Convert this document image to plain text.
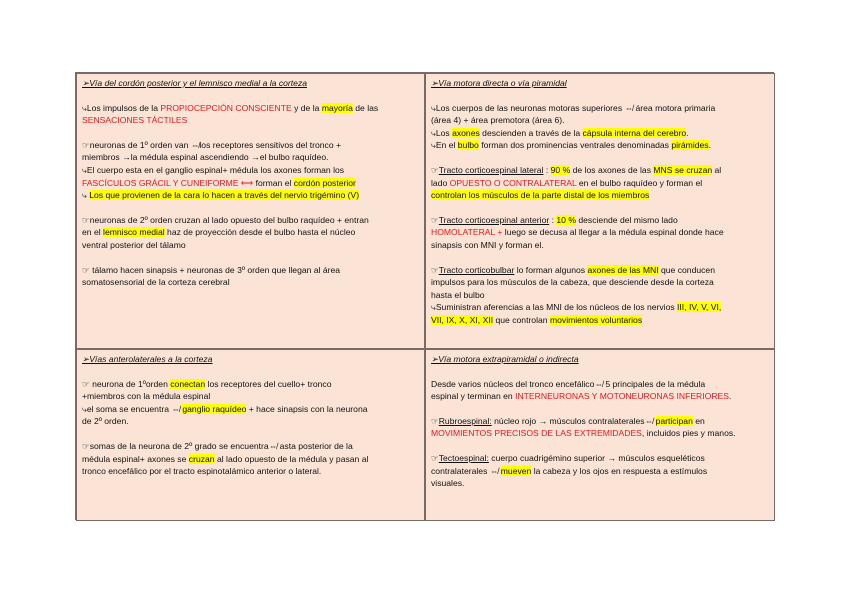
➢Vía del cordón posterior y el lemnisco medial a la corteza
⤷Los impulsos de la PROPIOCEPCIÓN CONSCIENTE y de la mayoría de las
SENSACIONES TÁCTILES
☞neuronas de 1º orden van ⇎los receptores sensitivos del tronco +
miembros →la médula espinal ascendiendo →el bulbo raquídeo.
⤷El cuerpo esta en el ganglio espinal+ médula los axones forman los
FASCÍCULOS GRÁCIL Y CUNEIFORME ⟷ forman el cordón posterior
⤷ Los que provienen de la cara lo hacen a través del nervio trigémino (V)
☞neuronas de 2º orden cruzan al lado opuesto del bulbo raquídeo + entran
en el lemnisco medial haz de proyección desde el bulbo hasta el núcleo
ventral posterior del tálamo
☞ tálamo hacen sinapsis + neuronas de 3º orden que llegan al área
somatosensorial de la corteza cerebral
➢Vía motora directa o vía piramidal
⤷Los cuerpos de las neuronas motoras superiores ⇎ área motora primaria
(área 4) + área premotora (área 6).
⤷Los axones descienden a través de la cápsula interna del cerebro.
⤷En el bulbo forman dos prominencias ventrales denominadas pirámides.
☞Tracto corticoespinal lateral : 90 % de los axones de las MNS se cruzan al
lado OPUESTO O CONTRALATERAL en el bulbo raquídeo y forman el
controlan los músculos de la parte distal de los miembros
☞Tracto corticoespinal anterior : 10 % desciende del mismo lado
HOMOLATERAL + luego se decusa al llegar a la médula espinal donde hace
sinapsis con MNI y forman el.
☞Tracto corticobulbar lo forman algunos axones de las MNI que conducen
impulsos para los músculos de la cabeza, que desciende desde la corteza
hasta el bulbo
⤷Suministran aferencias a las MNI de los núcleos de los nervios III, IV, V, VI,
VII, IX, X, XI, XII que controlan movimientos voluntarios
➢Vías anterolaterales a la corteza
☞ neurona de 1ºorden conectan los receptores del cuello+ tronco
+miembros con la médula espinal
⤷el soma se encuentra ⇎ ganglio raquídeo + hace sinapsis con la neurona
de 2º orden.
☞somas de la neurona de 2º grado se encuentra⇎ asta posterior de la
médula espinal+ axones se cruzan al lado opuesto de la médula y pasan al
tronco encefálico por el tracto espinotalámico anterior o lateral.
➢Vía motora extrapiramidal o indirecta
Desde varios núcleos del tronco encefálico⇎ 5 principales de la médula
espinal y terminan en INTERNEURONAS Y MOTONEURONAS INFERIORES.
☞Rubroespinal: núcleo rojo → músculos contralaterales⇎ participan en
MOVIMIENTOS PRECISOS DE LAS EXTREMIDADES, incluidos pies y manos.
☞Tectoespinal: cuerpo cuadrigémino superior → músculos esqueléticos
contralaterales ⇎ mueven la cabeza y los ojos en respuesta a estímulos
visuales.
